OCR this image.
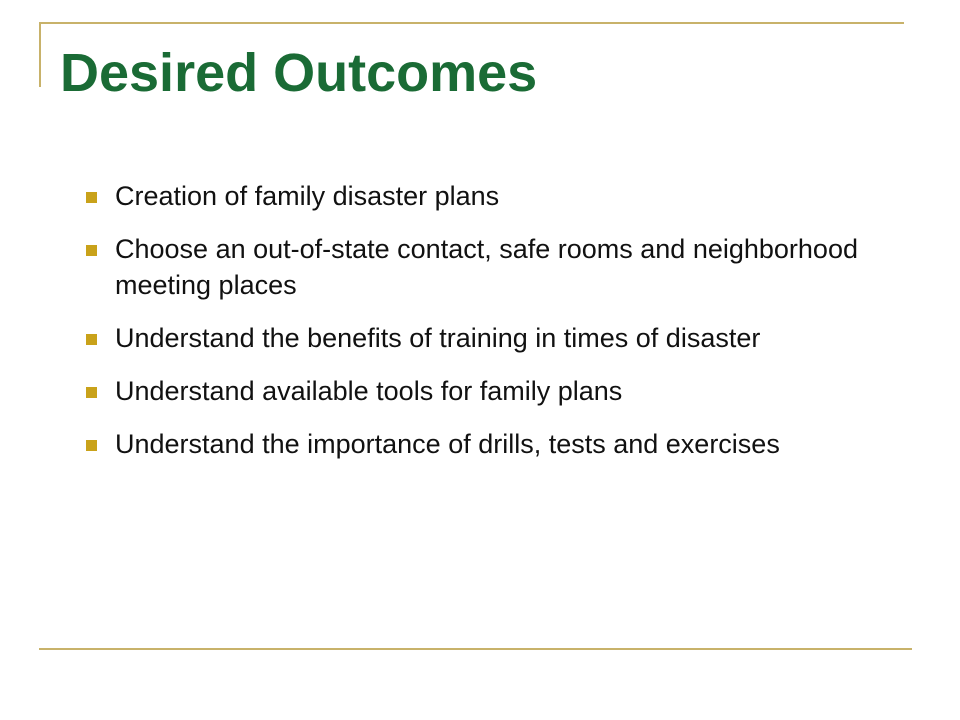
Desired Outcomes
Creation of family disaster plans
Choose an out-of-state contact, safe rooms and neighborhood meeting places
Understand the benefits of training in times of disaster
Understand available tools for family plans
Understand the importance of drills, tests and exercises
